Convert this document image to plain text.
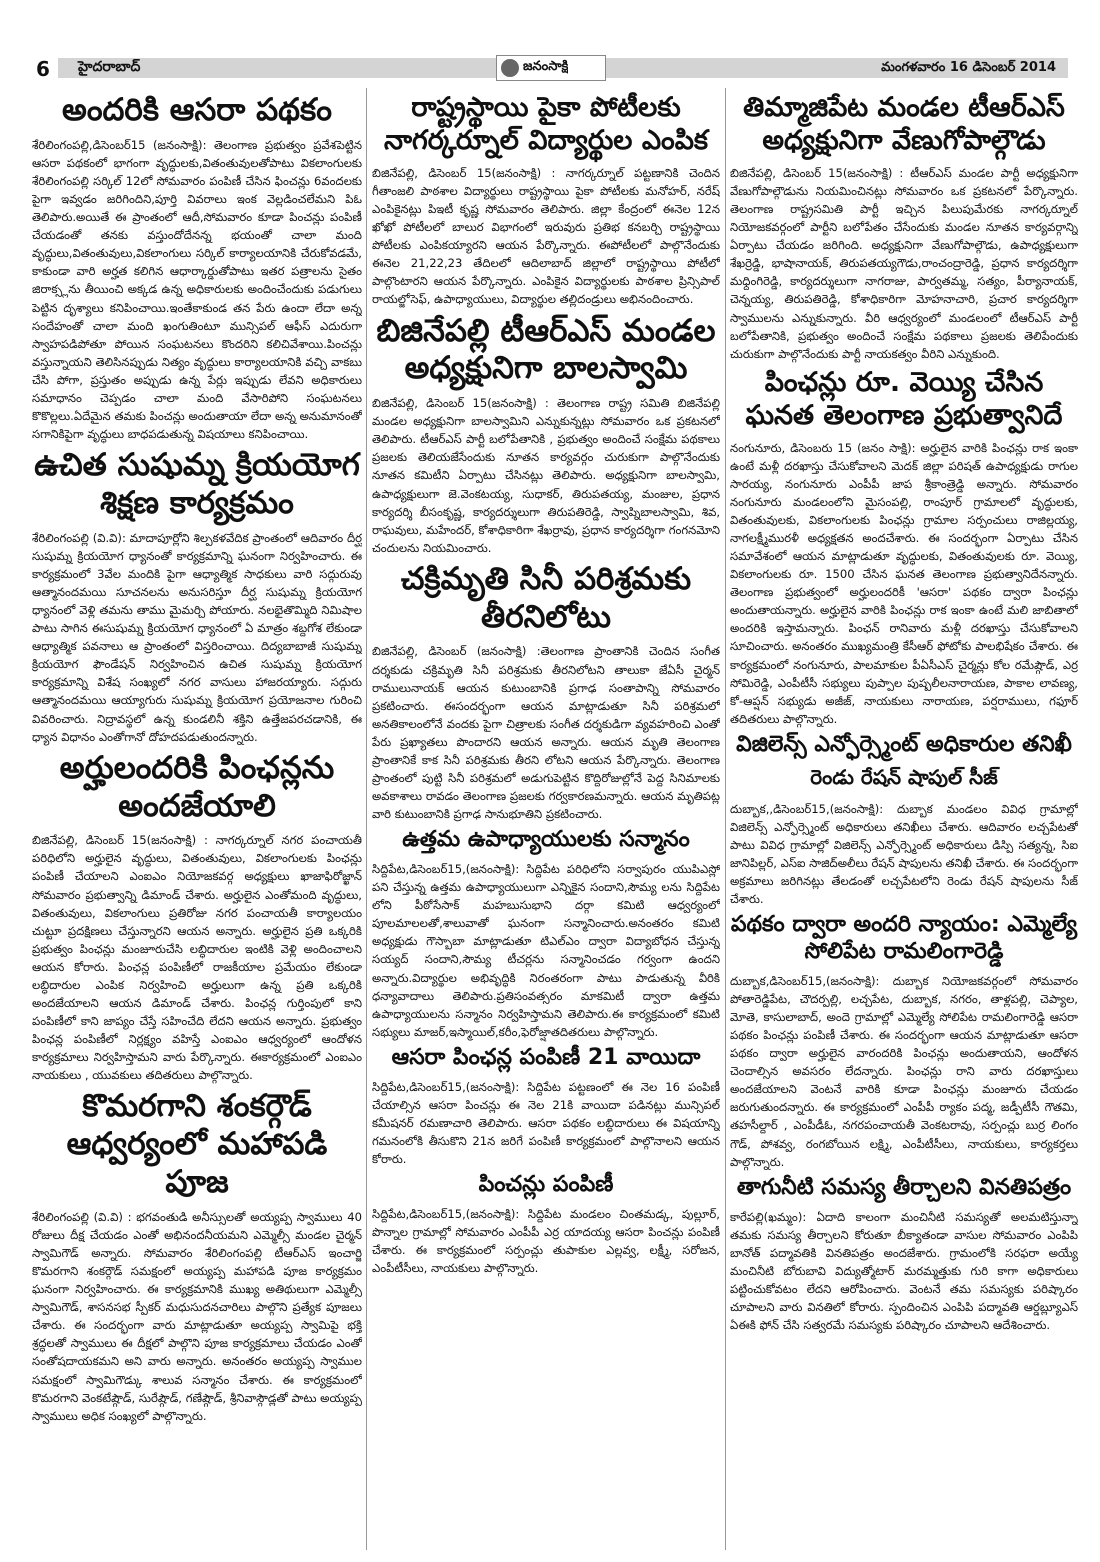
6 హైదరాబాద్	జనంసాక్షి	మంగళవారం 16 డిసెంబర్ 2014
అందరికి ఆసరా పథకం

శేరిలింగంపల్లి,డిసెంబర్15 (జనంసాక్షి): తెలంగాణ ప్రభుత్వం ప్రవేశపెట్టిన ఆసరా పథకంలో భాగంగా వృద్ధులకు,వితంతువులతోపాటు వికలాంగులకు శేరిలింగంపల్లి సర్కిల్ 12లో సోమవారం పంపిణీ చేసిన ఫించన్లు 6వందలకు పైగా ఇవ్వడం జరిగిందిని,పూర్తి వివరాలు ఇంక వెల్లడించలేమని పిఓ తెలిపారు.అయితే ఈ ప్రాంతంలో ఆదీ,సోమవారం కూడా పించన్లు పంపిణీ చేయడంతో తనకు వస్తుందోదేనన్న భయంతో చాలా మంది వృద్ధులు,వితంతువులు,వికలాంగులు సర్కిల్ కార్యాలయానికి చేరుకోవడమే, కాకుండా వారి అర్హత కలిగిన ఆధార్కార్డుతోపాటు ఇతర పత్రాలను సైతం జిరాక్స్లను తీయించి అక్కడ ఉన్న అధికారులకు అందించేందుకు పడుగులు పెట్టిన దృశ్యాలు కనిపించాయి.ఇంతేకాకుండ తన పేరు ఉందా లేదా అన్న సందేహంతో చాలా మంది ఖంగుతింటూ మున్సిపల్ ఆఫీస్ ఎదురుగా స్వాహపడిపోతూ పోయిన సంఘటనలు కొందరిని కలిచివేశాయి.పించన్లు వస్తున్నాయని తెలిసినప్పుడు నిత్యం వృద్ధులు కార్యాలయానికి వచ్చి వాకబు చేసి పోగా, ప్రస్తుతం అప్పుడు ఉన్న పేర్లు ఇప్పుడు లేవని అధికారులు సమాధానం చెప్పడం చాలా మంది వేసారిపోని సంఘటనలు కొకొల్లలు.ఏదేమైన తమకు పించన్లు అందుతాయా లేదా అన్న అనుమానంతో సగానికిపైగా వృద్ధులు బాధపడుతున్న విషయాలు కనిపించాయి.

ఉచిత సుషుమ్న క్రియయోగ శిక్షణ కార్యక్రమం

శేరిలింగంపల్లి (వి.వి): మాదాపూర్లోని శిల్పకళవేదిక ప్రాంతంలో ఆదివారం దీర్ఘ సుషుమ్న క్రియయోగ ధ్యానంతో కార్యక్రమాన్ని ఘనంగా నిర్వహించారు. ఈ కార్యక్రమంలో 3వేల మందికి పైగా ఆధ్యాత్మిక సాధకులు వారి సద్గురువు ఆత్మానందమయి సూచనలను అనుసరిస్తూ దీర్ఘ సుషుమ్న క్రియయోగ ధ్యానంలో వెళ్లి తమను తాము మైమర్చి పోయారు. నలభైతొమ్మిది నిమిషాల పాటు సాగిన ఈసుషుమ్న క్రియయోగ ధ్యానంలో ఏ మాత్రం శబ్దగోశ లేకుండా ఆధ్యాత్మిక పవనాలు ఆ ప్రాంతంలో విస్తరించాయి. దిద్యబాబాజీ సుషుమ్న క్రియయోగ ఫౌండేషన్ నిర్వహించిన ఉచిత సుషుమ్న క్రియయోగ కార్యక్రమాన్ని విశేష సంఖ్యలో నగర వాసులు హాజరయ్యారు. సద్గురు ఆత్మానందమయి ఆయ్యాగురు సుషుమ్న క్రియయోగ ప్రయోజనాల గురించి వివరించారు. నిద్రావస్థలో ఉన్న కుండలినీ శక్తిని ఉత్తేజపరచడానికి, ఈ ధ్యాన విధానం ఎంతోగానో దోహదపడుతుందన్నారు.

అర్హులందరికి పింఛన్లను అందజేయాలి

బిజినేపల్లి, డిసెంబర్ 15(జనంసాక్షి) : నాగర్కర్నూల్ నగర పంచాయతీ పరిధిలోని అర్హులైన వృద్ధులు, వితంతువులు, వికలాంగులకు పింఛన్లు పంపిణీ చేయాలని ఎంఐఎం నియోజకవర్గ అధ్యక్షులు ఖాజాఫిరోజ్ఖాన్ సోమవారం ప్రభుత్వాన్ని డిమాండ్ చేశారు. అర్హులైన ఎంతోమంది వృద్ధులు, వితంతువులు, వికలాంగులు ప్రతిరోజు నగర పంచాయతీ కార్యాలయం చుట్టూ ప్రదక్షిణలు చేస్తున్నారని ఆయన అన్నారు. అర్హులైన ప్రతి ఒక్కరికి ప్రభుత్వం పింఛన్లు మంజూరుచేసి లబ్ధిదారుల ఇంటికి వెళ్లి అందించాలని ఆయన కోరారు. పింఛన్ల పంపిణీలో రాజకీయాల ప్రమేయం లేకుండా లబ్ధిదారుల ఎంపిక నిర్వహించి అర్హులుగా ఉన్న ప్రతి ఒక్కరికి అందజేయాలని ఆయన డిమాండ్ చేశారు. పింఛన్ల గుర్తింపులో కాని పంపిణీలో కాని జాప్యం చేస్తే సహించేది లేదని ఆయన అన్నారు. ప్రభుత్వం పింఛన్ల పంపిణీలో నిర్లక్ష్యం వహిస్తే ఎంఐఎం ఆధ్వర్యంలో ఆందోళన కార్యక్రమాలు నిర్వహిస్తామని వారు పేర్కొన్నారు. ఈకార్యక్రమంలో ఎంఐఎం నాయకులు , యువకులు తదితరులు పాల్గొన్నారు.

కొమరగాని శంకర్గౌడ్ ఆధ్వర్యంలో మహాపడి పూజ

శేరిలింగంపల్లి (వి.వి) : భగవంతుడి అనీస్సులతో అయ్యప్ప స్వాములు 40 రోజులు దీక్ష చేయడం ఎంతో అభినందనీయమని ఎమ్మెల్సీ మండల చైర్మన్ స్వామిగౌడ్ అన్నారు. సోమవారం శేరిలింగంపల్లి టీఆర్ఎస్ ఇంచార్జి కొమరగాని శంకర్గౌడ్ సమక్షంలో అయ్యప్ప మహాపడి పూజ కార్యక్రమం ఘనంగా నిర్వహించారు. ఈ కార్యక్రమానికి ముఖ్య అతిథులుగా ఎమ్మెల్సీ స్వామిగౌడ్, శాసనసభ స్పీకర్ మధుసుదనచారిలు పాల్గొని ప్రత్యేక పూజలు చేశారు. ఈ సందర్భంగా వారు మాట్లాడుతూ అయ్యప్ప స్వామిపై భక్తి శ్రద్ధలతో స్వాములు ఈ దీక్షలో పాల్గొని పూజ కార్యక్రమాలు చేయడం ఎంతో సంతోషదాయకమని అని వారు అన్నారు. అనంతరం అయ్యప్ప స్వాముల సమక్షంలో స్వామిగౌడ్కు శాలువ సన్మానం చేశారు. ఈ కార్యక్రమంలో కొమరగాని వెంకటేష్గౌడ్, సురేష్గౌడ్, గణేష్గౌడ్, శ్రీనివాస్గౌడ్లతో పాటు అయ్యప్ప స్వాములు అధిక సంఖ్యలో పాల్గొన్నారు.

రాష్ట్రస్థాయి పైకా పోటీలకు నాగర్కర్నూల్ విద్యార్థుల ఎంపిక

బిజినేపల్లి, డిసెంబర్ 15(జనంసాక్షి) : నాగర్కర్నూల్ పట్టణానికి చెందిన గీతాంజలి పాఠశాల విద్యార్థులు రాష్ట్రస్థాయి పైకా పోటీలకు మనోహర్, నరేష్ ఎంపికైనట్లు పిఇటీ కృష్ణ సోమవారం తెలిపారు. జిల్లా కేంద్రంలో ఈనెల 12న ఖోఖో పోటీలలో బాలుర విభాగంలో ఇరువురు ప్రతిభ కనబర్చి రాష్ట్రస్థాయి పోటీలకు ఎంపికయ్యారని ఆయన పేర్కొన్నారు. ఈపోటీలలో పాల్గొనేందుకు ఈనెల 21,22,23 తేదిలలో ఆదిలాబాద్ జిల్లాలో రాష్ట్రస్థాయి పోటీలో పాల్గొంటారని ఆయన పేర్కొన్నారు. ఎంపికైన విద్యార్థులకు పాఠశాల ప్రిన్సిపాల్ రాయల్జోసెఫ్, ఉపాధ్యాయులు, విద్యార్థుల తల్లిదండ్రులు అభినందించారు.

బిజినేపల్లి టీఆర్ఎస్ మండల అధ్యక్షునిగా బాలస్వామి

బిజినేపల్లి, డిసెంబర్ 15(జనంసాక్షి) : తెలంగాణ రాష్ట్ర సమితి బిజినేపల్లి మండల అధ్యక్షునిగా బాలస్వామిని ఎన్నుకున్నట్లు సోమవారం ఒక ప్రకటనలో తెలిపారు. టీఆర్ఎస్ పార్టీ బలోపేతానికి , ప్రభుత్వం అందించే సంక్షేమ పథకాలు ప్రజలకు తెలియజేసేందుకు నూతన కార్యవర్గం చురుకుగా పాల్గొనేందుకు నూతన కమిటీని ఏర్పాటు చేసినట్లు తెలిపారు. అధ్యక్షునిగా బాలస్వామి, ఉపాధ్యక్షులుగా జె.వెంకటయ్య, సుధాకర్, తిరుపతయ్య, మంజుల, ప్రధాన కార్యదర్శి బీసంకృష్ణ, కార్యదర్శులుగా తిరుపతిరెడ్డి, స్వాప్నిబాలస్వామి, శివ, రాఘవులు, మహేందర్, కోశాధికారిగా శేఖర్రావు, ప్రధాన కార్యదర్శిగా గంగనమోని చందులను నియమించారు.

చక్రిమృతి సినీ పరిశ్రమకు తీరనిలోటు

బిజినేపల్లి, డిసెంబర్ (జనంసాక్షి) :తెలంగాణ ప్రాంతానికి చెందిన సంగీత దర్శకుడు చక్రిమృతి సినీ పరిశ్రమకు తీరనిలోటని తాలుకా జేఏసీ చైర్మన్ రాములునాయక్ ఆయన కుటుంబానికి ప్రగాఢ సంతాపాన్ని సోమవారం ప్రకటించారు. ఈసందర్భంగా ఆయన మాట్లాడుతూ సినీ పరిశ్రమలో అనతికాలంలోనే వందకు పైగా చిత్రాలకు సంగీత దర్శకుడిగా వ్యవహరించి ఎంతో పేరు ప్రఖ్యాతలు పొందారని ఆయన అన్నారు. ఆయన మృతి తెలంగాణ ప్రాంతానికే కాక సినీ పరిశ్రమకు తీరని లోటని ఆయన పేర్కొన్నారు. తెలంగాణ ప్రాంతంలో పుట్టి సినీ పరిశ్రమలో అడుగుపెట్టిన కొద్దిరోజుల్లోనే పెద్ద సినిమాలకు అవకాశాలు రావడం తెలంగాణ ప్రజలకు గర్వకారణమన్నారు. ఆయన మృతిపట్ల వారి కుటుంబానికి ప్రగాఢ సానుభూతిని ప్రకటించారు.

ఉత్తమ ఉపాధ్యాయులకు సన్మానం

సిద్దిపేట,డిసెంబర్15,(జనంసాక్షి): సిద్దిపేట పరిధిలోని సర్వాపురం యుపిఎస్లో పని చేస్తున్న ఉత్తమ ఉపాధ్యాయులుగా ఎన్నికైన సందాని,సౌమ్య లను సిద్దిపేట లోని పీఠోసేసాక్ మహబుసుభాని దర్గా కమిటి ఆధ్వర్యంలో పూలమాలలతో,శాలువాతో ఘనంగా సన్మానించారు.అనంతరం కమిటి అధ్యక్షుడు గౌస్బాబా మాట్లాడుతూ టిఎల్ఎం ద్వారా విద్యాబోధన చేస్తున్న సయ్యద్ సందాని,సౌమ్య టీచర్లను సన్మానించడం గర్వంగా ఉందని అన్నారు.విద్యార్థుల అభివృద్ధికి నిరంతరంగా పాటు పాడుతున్న వీరికి ధన్యావాదాలు తెలిపారు.ప్రతిసంవత్సరం మాకమిటీ ద్వారా ఉత్తమ ఉపాధ్యాయులను సన్మానం నిర్వహిస్తామని తెలిపారు.ఈ కార్యక్రమంలో కమిటి సభ్యులు మాజర్,ఇస్మాయిల్,కరీం,ఫెరోజ్షాతదితరులు పాల్గొన్నారు.

ఆసరా పింఛన్ల పంపిణీ 21 వాయిదా

సిద్దిపేట,డిసెంబర్15,(జనంసాక్షి): సిద్దిపేట పట్టణంలో ఈ నెల 16 పంపిణీ చేయాల్సిన ఆసరా పించన్లు ఈ నెల 21కి వాయిదా పడినట్లు మున్సిపల్ కమీషనర్ రమణాచారి తెలిపారు. ఆసరా పథకం లబ్ధిదారులు ఈ విషయాన్ని గమనంలోకి తీసుకొని 21న జరిగే పంపిణీ కార్యక్రమంలో పాల్గొనాలని ఆయన కోరారు.

పించన్లు పంపిణీ

సిద్దిపేట,డిసెంబర్15,(జనంసాక్షి): సిద్దిపేట మండలం చింతమడ్క, పుల్లూర్, పొన్నాల గ్రామాల్లో సోమవారం ఎంపీపీ ఎర్ర యాదయ్య ఆసరా పించన్లు పంపిణీ చేశారు. ఈ కార్యక్రమంలో సర్పంచ్లు తుపాకుల ఎల్లవ్వ, లక్ష్మీ, సరోజన, ఎంపీటీసీలు, నాయకులు పాల్గొన్నారు.

తిమ్మాజిపేట మండల టీఆర్ఎస్ అధ్యక్షునిగా వేణుగోపాల్గౌడు

బిజినేపల్లి, డిసెంబర్ 15(జనంసాక్షి) : టీఆర్ఎస్ మండల పార్టీ అధ్యక్షునిగా వేణుగోపాల్గౌడును నియమించినట్లు సోమవారం ఒక ప్రకటనలో పేర్కొన్నారు. తెలంగాణ రాష్ట్రసమితి పార్టీ ఇచ్చిన పిలుపుమేరకు నాగర్కర్నూల్ నియోజకవర్గంలో పార్టీని బలోపేతం చేసేందుకు మండల నూతన కార్యవర్గాన్ని ఏర్పాటు చేయడం జరిగింది. అధ్యక్షునిగా వేణుగోపాల్గౌడు, ఉపాధ్యక్షులుగా శేఖర్రెడ్డి, భాషానాయక్, తిరుపతయ్యగౌడు,రాంచంద్రారెడ్డి, ప్రధాన కార్యదర్శిగా మధ్దింగిరెడ్డి, కార్యదర్శులుగా నాగరాజు, పార్వతమ్మ, సత్యం, పీర్యానాయక్, చెన్నయ్య, తిరుపతిరెడ్డి, కోశాధికారిగా మోహనాచారి, ప్రచార కార్యదర్శిగా స్వాములను ఎన్నుకున్నారు. వీరి ఆధ్వర్యంలో మండలంలో టీఆర్ఎస్ పార్టీ బలోపేతానికి, ప్రభుత్వం అందించే సంక్షేమ పథకాలు ప్రజలకు తెలిపేందుకు చురుకుగా పాల్గొనేందుకు పార్టీ నాయకత్వం వీరిని ఎన్నుకుంది.

పింఛన్లు రూ. వెయ్యి చేసిన ఘనత తెలంగాణ ప్రభుత్వానిదే

నంగునూరు, డిసెంబరు 15 (జనం సాక్షి): అర్హులైన వారికి పింఛన్లు రాక ఇంకా ఉంటే మళ్లీ దరఖాస్తు చేసుకోవాలని మెదక్ జిల్లా పరిషత్ ఉపాధ్యక్షుడు రాగుల సారయ్య, నంగునూరు ఎంపీపీ జాప శ్రీకాంత్రెడ్డి అన్నారు. సోమవారం నంగునూరు మండలంలోని మైసంపల్లి, రాంపూర్ గ్రామాలలో వృద్ధులకు, వితంతువులకు, వికలాంగులకు పింఛన్లు గ్రామాల సర్పంచులు రాజిల్లయ్య, నాగలక్ష్మీమురళీ అధ్యక్షతన అందచేశారు. ఈ సందర్భంగా ఏర్పాటు చేసిన సమావేశంలో ఆయన మాట్లాడుతూ వృద్ధులకు, వితంతువులకు రూ. వెయ్యి, వికలాంగులకు రూ. 1500 చేసిన ఘనత తెలంగాణ ప్రభుత్వానిదేనన్నారు. తెలంగాణ ప్రభుత్వంలో అర్హులందరికీ 'ఆసరా' పథకం ద్వారా పింఛన్లు అందుతాయన్నారు. అర్హులైన వారికి పింఛన్లు రాక ఇంకా ఉంటే మలి జాబితాలో అందరికి ఇస్తామన్నారు. పింఛన్ రానివారు మళ్లీ దరఖాస్తు చేసుకోవాలని సూచించారు. అనంతరం ముఖ్యమంత్రి కేసీఆర్ ఫోటోకు పాలభిషేకం చేశారు. ఈ కార్యక్రమంలో నంగునూరు, పాలమాకుల పీఏసీఎస్ చైర్మన్లు కోల రమేష్గౌడ్, ఎర్ర సోమిరెడ్డి, ఎంపీటీసీ సభ్యులు పుప్పాల పుష్పలీలనారాయణ, పాకాల లావణ్య, కో-ఆప్షన్ సభ్యుడు అజీజ్, నాయకులు నారాయణ, పర్షరాములు, గఫూర్ తదితరులు పాల్గొన్నారు.

విజిలెన్స్ ఎన్ఫోర్స్మెంట్ అధికారుల తనిఖీ
రెండు రేషన్ షాపుల్ సీజ్

దుబ్బాక,,డిసెంబర్15,(జనంసాక్షి): దుబ్బాక మండలం వివిధ గ్రామాల్లో విజిలెన్స్ ఎన్ఫోర్స్మెంట్ అధికారులు తనిఖీలు చేశారు. ఆదివారం లచ్చపేటతో పాటు వివిధ గ్రామాల్లో విజిలెన్స్ ఎన్ఫోర్స్మెంట్ అధికారులు డిస్పి సత్యన్న, సిఐ జానిపిల్లర్, ఎస్ఐ సాజిద్అలీలు రేషన్ షాపులను తనిఖీ చేశారు. ఈ సందర్భంగా అక్రమాలు జరిగినట్లు తేలడంతో లచ్చపేటలోని రెండు రేషన్ షాపులను సీజ్ చేశారు.

పథకం ద్వారా అందరి న్యాయం: ఎమ్మెల్యే సోలిపేట రామలింగారెడ్డి

దుబ్బాక,డిసెంబర్15,(జనంసాక్షి): దుబ్బాక నియోజకవర్గంలో సోమవారం పోతారెడ్డిపేట, చౌదర్పల్లి, లచ్చపేట, దుబ్బాక, నగరం, తాళ్లపల్లి, చెప్యాల, మోతె, కాసులాబాద్, అందె గ్రామాల్లో ఎమ్మెల్యే సోలిపేట రామలింగారెడ్డి ఆసరా పథకం పింఛన్లు పంపిణీ చేశారు. ఈ సందర్భంగా ఆయన మాట్లాడుతూ ఆసరా పథకం ద్వారా అర్హులైన వారందరికి పింఛన్లు అందుతాయని, ఆందోళన చెందాల్సిన అవసరం లేదన్నారు. పింఛన్లు రాని వారు దరఖాస్తులు అందజేయాలని వెంటనే వారికి కూడా పింఛన్లు మంజూరు చేయడం జరుగుతుందన్నారు. ఈ కార్యక్రమంలో ఎంపీపీ ర్యాకం పద్మ, జడ్పీటీసీ గౌతమి, తహసీల్దార్ , ఎంపీడీఓ, నగరపంచాయతీ వెంకటరావు, సర్పంచ్లు బుర్ర లింగం గౌడ్, పోశవ్వ, రంగబోయిన లక్ష్మి, ఎంపీటీసీలు, నాయకులు, కార్యకర్తలు పాల్గొన్నారు.

తాగునీటి సమస్య తీర్చాలని వినతిపత్రం

కారేపల్లి(ఖమ్మం): ఏదాది కాలంగా మంచినీటి సమస్యతో అలమటిస్తున్నా తమకు సమస్య తీర్చాలని కోరుతూ బీక్యాతండా వాసుల సోమవారం ఎంపిపి బానోత్ పద్మావతికి వినతిపత్రం అందజేశారు. గ్రామంలోకి సరఫరా అయ్యే మంచినీటి బోరుబావి విద్యుత్మోటార్ మరమ్మత్తుకు గురి కాగా అధికారులు పట్టించుకోవటం లేదని ఆరోపించారు. వెంటనే తమ సమస్యకు పరిష్కారం చూపాలని వారు వినతిలో కోరారు. స్పందించిన ఎంపిపి పద్మావతి ఆర్డబ్ల్యూఎస్ ఏఈకి ఫోన్ చేసి సత్వరమే సమస్యకు పరిష్కారం చూపాలని ఆదేశించారు.
